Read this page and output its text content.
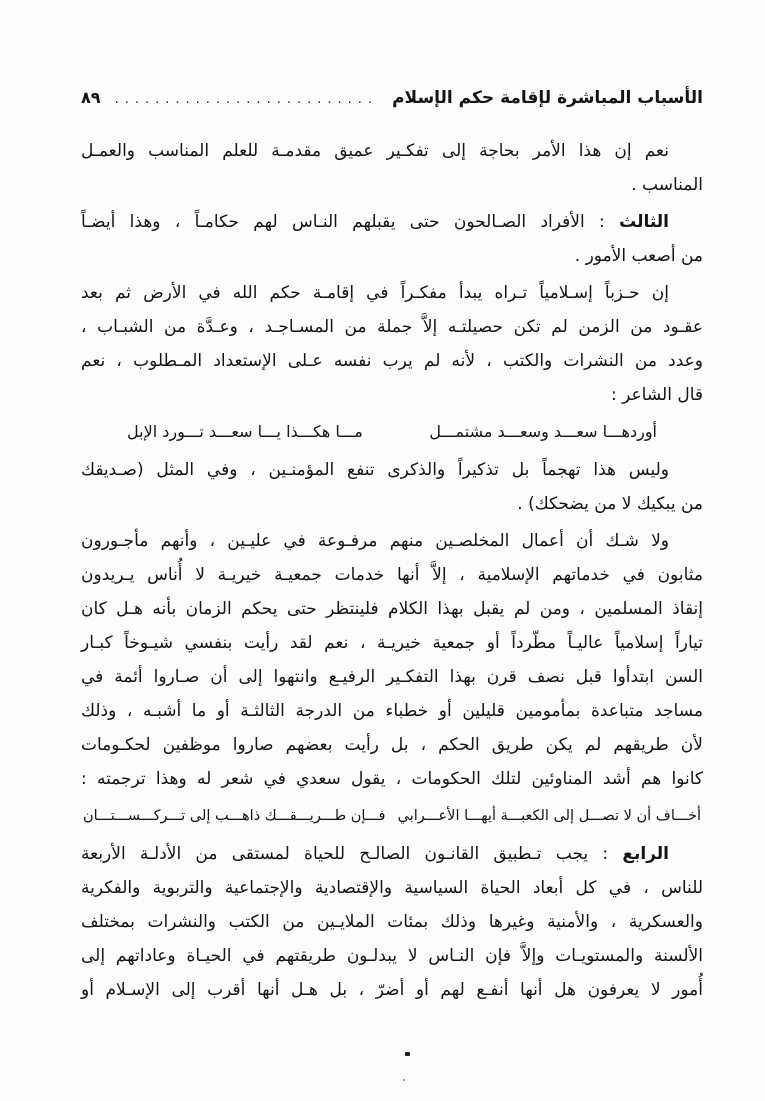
الأسباب المباشرة لإقامة حكم الإسلام
..........................
٨٩
نعم إن هذا الأمر بحاجة إلى تفكـير عميق مقدمـة للعلم المناسب والعمـل
المناسب .
الثالث : الأفراد الصـالحون حتى يقبلهم النـاس لهم حكامـاً ، وهذا أيضـاً
من أصعب الأمور .
إن حـزباً إسـلامياً تـراه يبدأ مفكـراً في إقامـة حكم الله في الأرض ثم بعد
عقـود من الزمن لم تكن حصيلتـه إلاَّ جملة من المسـاجـد ، وعـدَّة من الشبـاب ،
وعدد من النشرات والكتب ، لأنه لم يرب نفسه عـلى الإستعداد المـطلوب ، نعم
قال الشاعر :
أوردهـــا سعـــد وسعـــد مشتمـــل
مـــا هكـــذا يـــا سعـــد تـــورد الإبل
وليس هذا تهجماً بل تذكيراً والذكرى تنفع المؤمنـين ، وفي المثل (صـديقك
من يبكيك لا من يضحكك) .
ولا شـك أن أعمال المخلصـين منهم مرفـوعة في عليـين ، وأنهم مأجـورون
مثابون في خدماتهم الإسلامية ، إلاَّ أنها خدمات جمعيـة خيريـة لا أُناس يـريدون
إنقاذ المسلمين ، ومن لم يقبل بهذا الكلام فلينتظر حتى يحكم الزمان بأنه هـل كان
تياراً إسلامياً عاليـاً مطّرداً أو جمعية خيريـة ، نعم لقد رأيت بنفسي شيـوخاً كبـار
السن ابتدأوا قبل نصف قرن بهذا التفكـير الرفيـع وانتهوا إلى أن صـاروا أئمة في
مساجد متباعدة بمأمومين قليلين أو خطباء من الدرجة الثالثـة أو ما أشبـه ، وذلك
لأن طريقهم لم يكن طريق الحكم ، بل رأيت بعضهم صاروا موظفين لحكـومات
كانوا هم أشد المناوئين لتلك الحكومات ، يقول سعدي في شعر له وهذا ترجمته :
أخـــاف أن لا تصـــل إلى الكعبـــة أيهـــا الأعـــرابي
فـــإن طـــريـــقـــك ذاهـــب إلى تـــركـــســـتـــان
الرابع : يجب تـطبيق القانـون الصالـح للحياة لمستقى من الأدلـة الأربعة
للناس ، في كل أبعاد الحياة السياسية والإقتصادية والإجتماعية والتربوية والفكرية
والعسكرية ، والأمنية وغيرها وذلك بمئات الملايـين من الكتب والنشرات بمختلف
الألسنة والمستويـات وإلاَّ فإن النـاس لا يبدلـون طريقتهم في الحيـاة وعاداتهم إلى
أُمور لا يعرفون هل أنها أنفـع لهم أو أضرّ ، بل هـل أنها أقرب إلى الإسـلام أو
